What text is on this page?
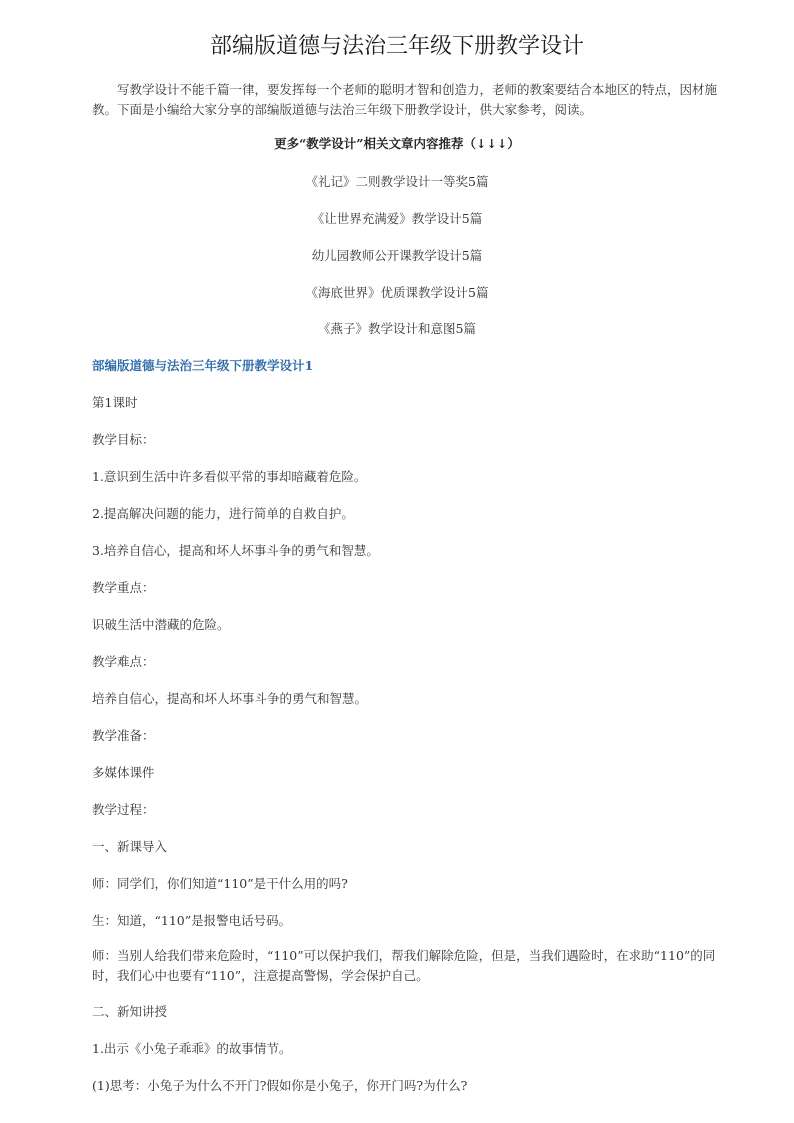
部编版道德与法治三年级下册教学设计

写教学设计不能千篇一律，要发挥每一个老师的聪明才智和创造力，老师的教案要结合本地区的特点，因材施教。下面是小编给大家分享的部编版道德与法治三年级下册教学设计，供大家参考，阅读。

更多“教学设计”相关文章内容推荐（↓↓↓）

《礼记》二则教学设计一等奖5篇

《让世界充满爱》教学设计5篇

幼儿园教师公开课教学设计5篇

《海底世界》优质课教学设计5篇

《燕子》教学设计和意图5篇

部编版道德与法治三年级下册教学设计1

第1课时

教学目标：

1.意识到生活中许多看似平常的事却暗藏着危险。

2.提高解决问题的能力，进行简单的自救自护。

3.培养自信心，提高和坏人坏事斗争的勇气和智慧。

教学重点：

识破生活中潜藏的危险。

教学难点：

培养自信心，提高和坏人坏事斗争的勇气和智慧。

教学准备：

多媒体课件

教学过程：

一、新课导入

师：同学们，你们知道“110”是干什么用的吗?

生：知道，“110”是报警电话号码。

师：当别人给我们带来危险时，“110”可以保护我们，帮我们解除危险，但是，当我们遇险时，在求助“110”的同时，我们心中也要有“110”，注意提高警惕，学会保护自己。

二、新知讲授

1.出示《小兔子乖乖》的故事情节。

(1)思考：小兔子为什么不开门?假如你是小兔子，你开门吗?为什么?
